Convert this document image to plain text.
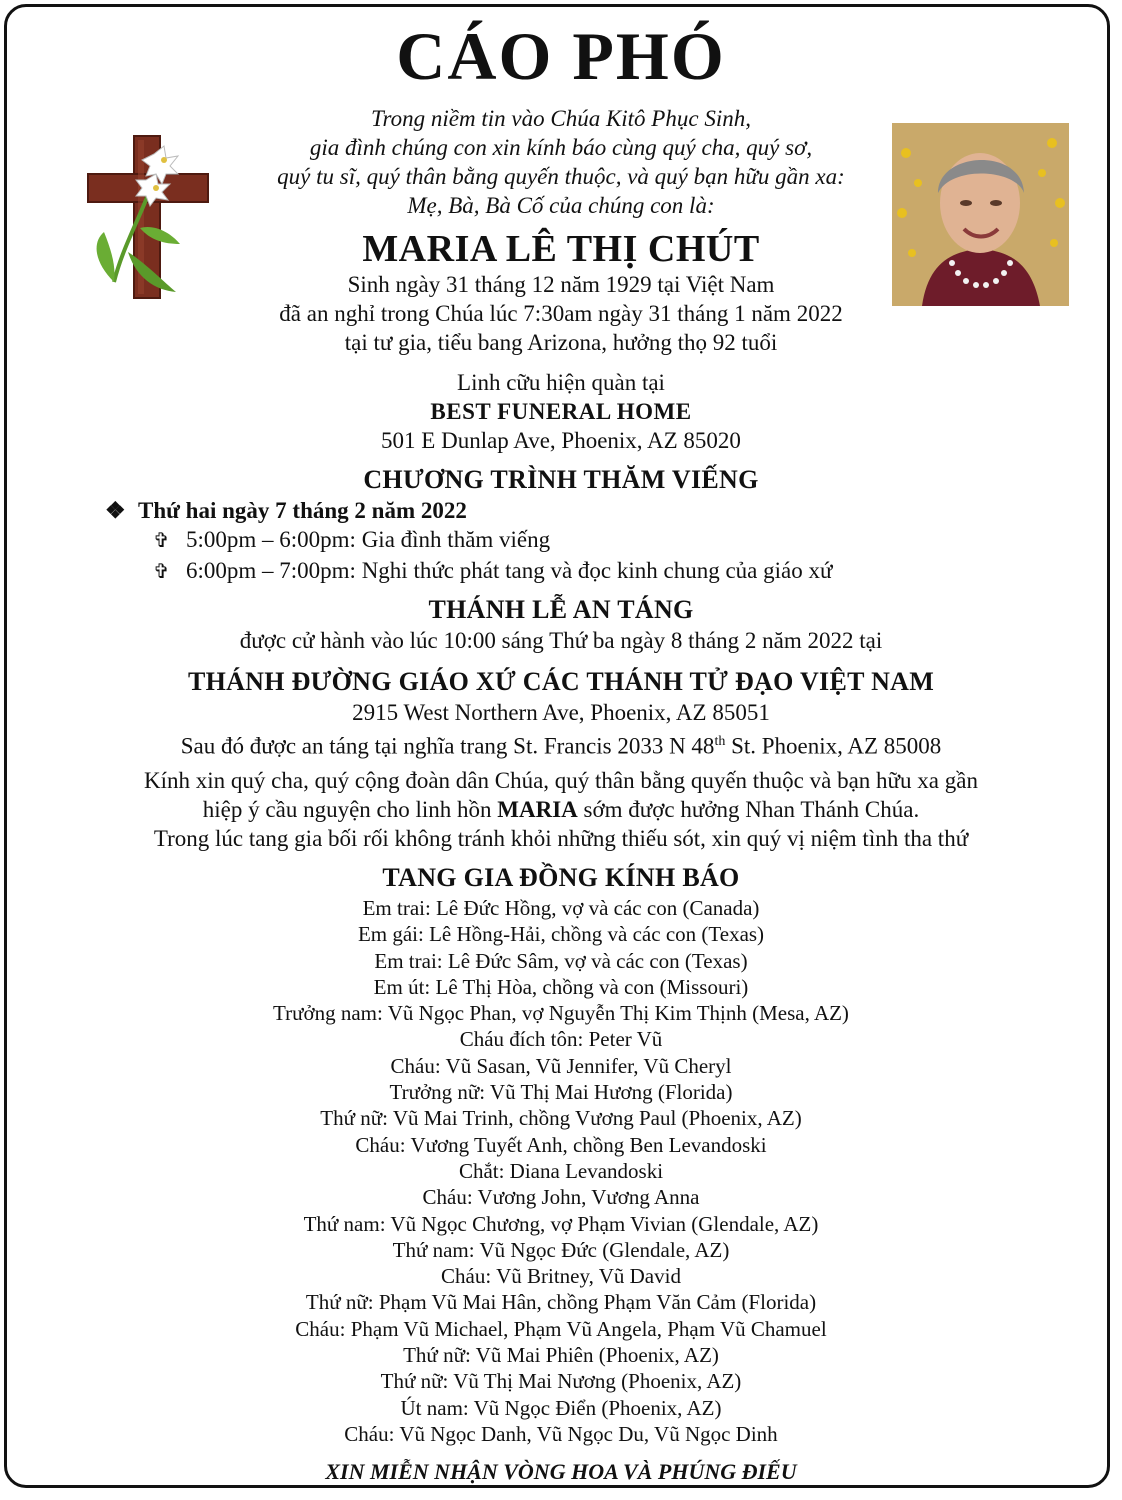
CÁO PHÓ
Trong niềm tin vào Chúa Kitô Phục Sinh,
gia đình chúng con xin kính báo cùng quý cha, quý sơ,
quý tu sĩ, quý thân bằng quyến thuộc, và quý bạn hữu gần xa:
Mẹ, Bà, Bà Cố của chúng con là:
MARIA LÊ THỊ CHÚT
Sinh ngày 31 tháng 12 năm 1929 tại Việt Nam
đã an nghỉ trong Chúa lúc 7:30am ngày 31 tháng 1 năm 2022
tại tư gia, tiểu bang Arizona, hưởng thọ 92 tuổi
Linh cữu hiện quàn tại
BEST FUNERAL HOME
501 E Dunlap Ave, Phoenix, AZ 85020
CHƯƠNG TRÌNH THĂM VIẾNG
❖ Thứ hai ngày 7 tháng 2 năm 2022
✞ 5:00pm – 6:00pm: Gia đình thăm viếng
✞ 6:00pm – 7:00pm: Nghi thức phát tang và đọc kinh chung của giáo xứ
THÁNH LỄ AN TÁNG
được cử hành vào lúc 10:00 sáng Thứ ba ngày 8 tháng 2 năm 2022 tại
THÁNH ĐƯỜNG GIÁO XỨ CÁC THÁNH TỬ ĐẠO VIỆT NAM
2915 West Northern Ave, Phoenix, AZ 85051
Sau đó được an táng tại nghĩa trang St. Francis 2033 N 48th St. Phoenix, AZ 85008
Kính xin quý cha, quý cộng đoàn dân Chúa, quý thân bằng quyến thuộc và bạn hữu xa gần
hiệp ý cầu nguyện cho linh hồn MARIA sớm được hưởng Nhan Thánh Chúa.
Trong lúc tang gia bối rối không tránh khỏi những thiếu sót, xin quý vị niệm tình tha thứ
TANG GIA ĐỒNG KÍNH BÁO
Em trai: Lê Đức Hồng, vợ và các con (Canada)
Em gái: Lê Hồng-Hải, chồng và các con (Texas)
Em trai: Lê Đức Sâm, vợ và các con (Texas)
Em út: Lê Thị Hòa, chồng và con (Missouri)
Trưởng nam: Vũ Ngọc Phan, vợ Nguyễn Thị Kim Thịnh (Mesa, AZ)
Cháu đích tôn: Peter Vũ
Cháu: Vũ Sasan, Vũ Jennifer, Vũ Cheryl
Trưởng nữ: Vũ Thị Mai Hương (Florida)
Thứ nữ: Vũ Mai Trinh, chồng Vương Paul (Phoenix, AZ)
Cháu: Vương Tuyết Anh, chồng Ben Levandoski
Chắt: Diana Levandoski
Cháu: Vương John, Vương Anna
Thứ nam: Vũ Ngọc Chương, vợ Phạm Vivian (Glendale, AZ)
Thứ nam: Vũ Ngọc Đức (Glendale, AZ)
Cháu: Vũ Britney, Vũ David
Thứ nữ: Phạm Vũ Mai Hân, chồng Phạm Văn Cảm (Florida)
Cháu: Phạm Vũ Michael, Phạm Vũ Angela, Phạm Vũ Chamuel
Thứ nữ: Vũ Mai Phiên (Phoenix, AZ)
Thứ nữ: Vũ Thị Mai Nương (Phoenix, AZ)
Út nam: Vũ Ngọc Điển (Phoenix, AZ)
Cháu: Vũ Ngọc Danh, Vũ Ngọc Du, Vũ Ngọc Dinh
XIN MIỄN NHẬN VÒNG HOA VÀ PHÚNG ĐIẾU
